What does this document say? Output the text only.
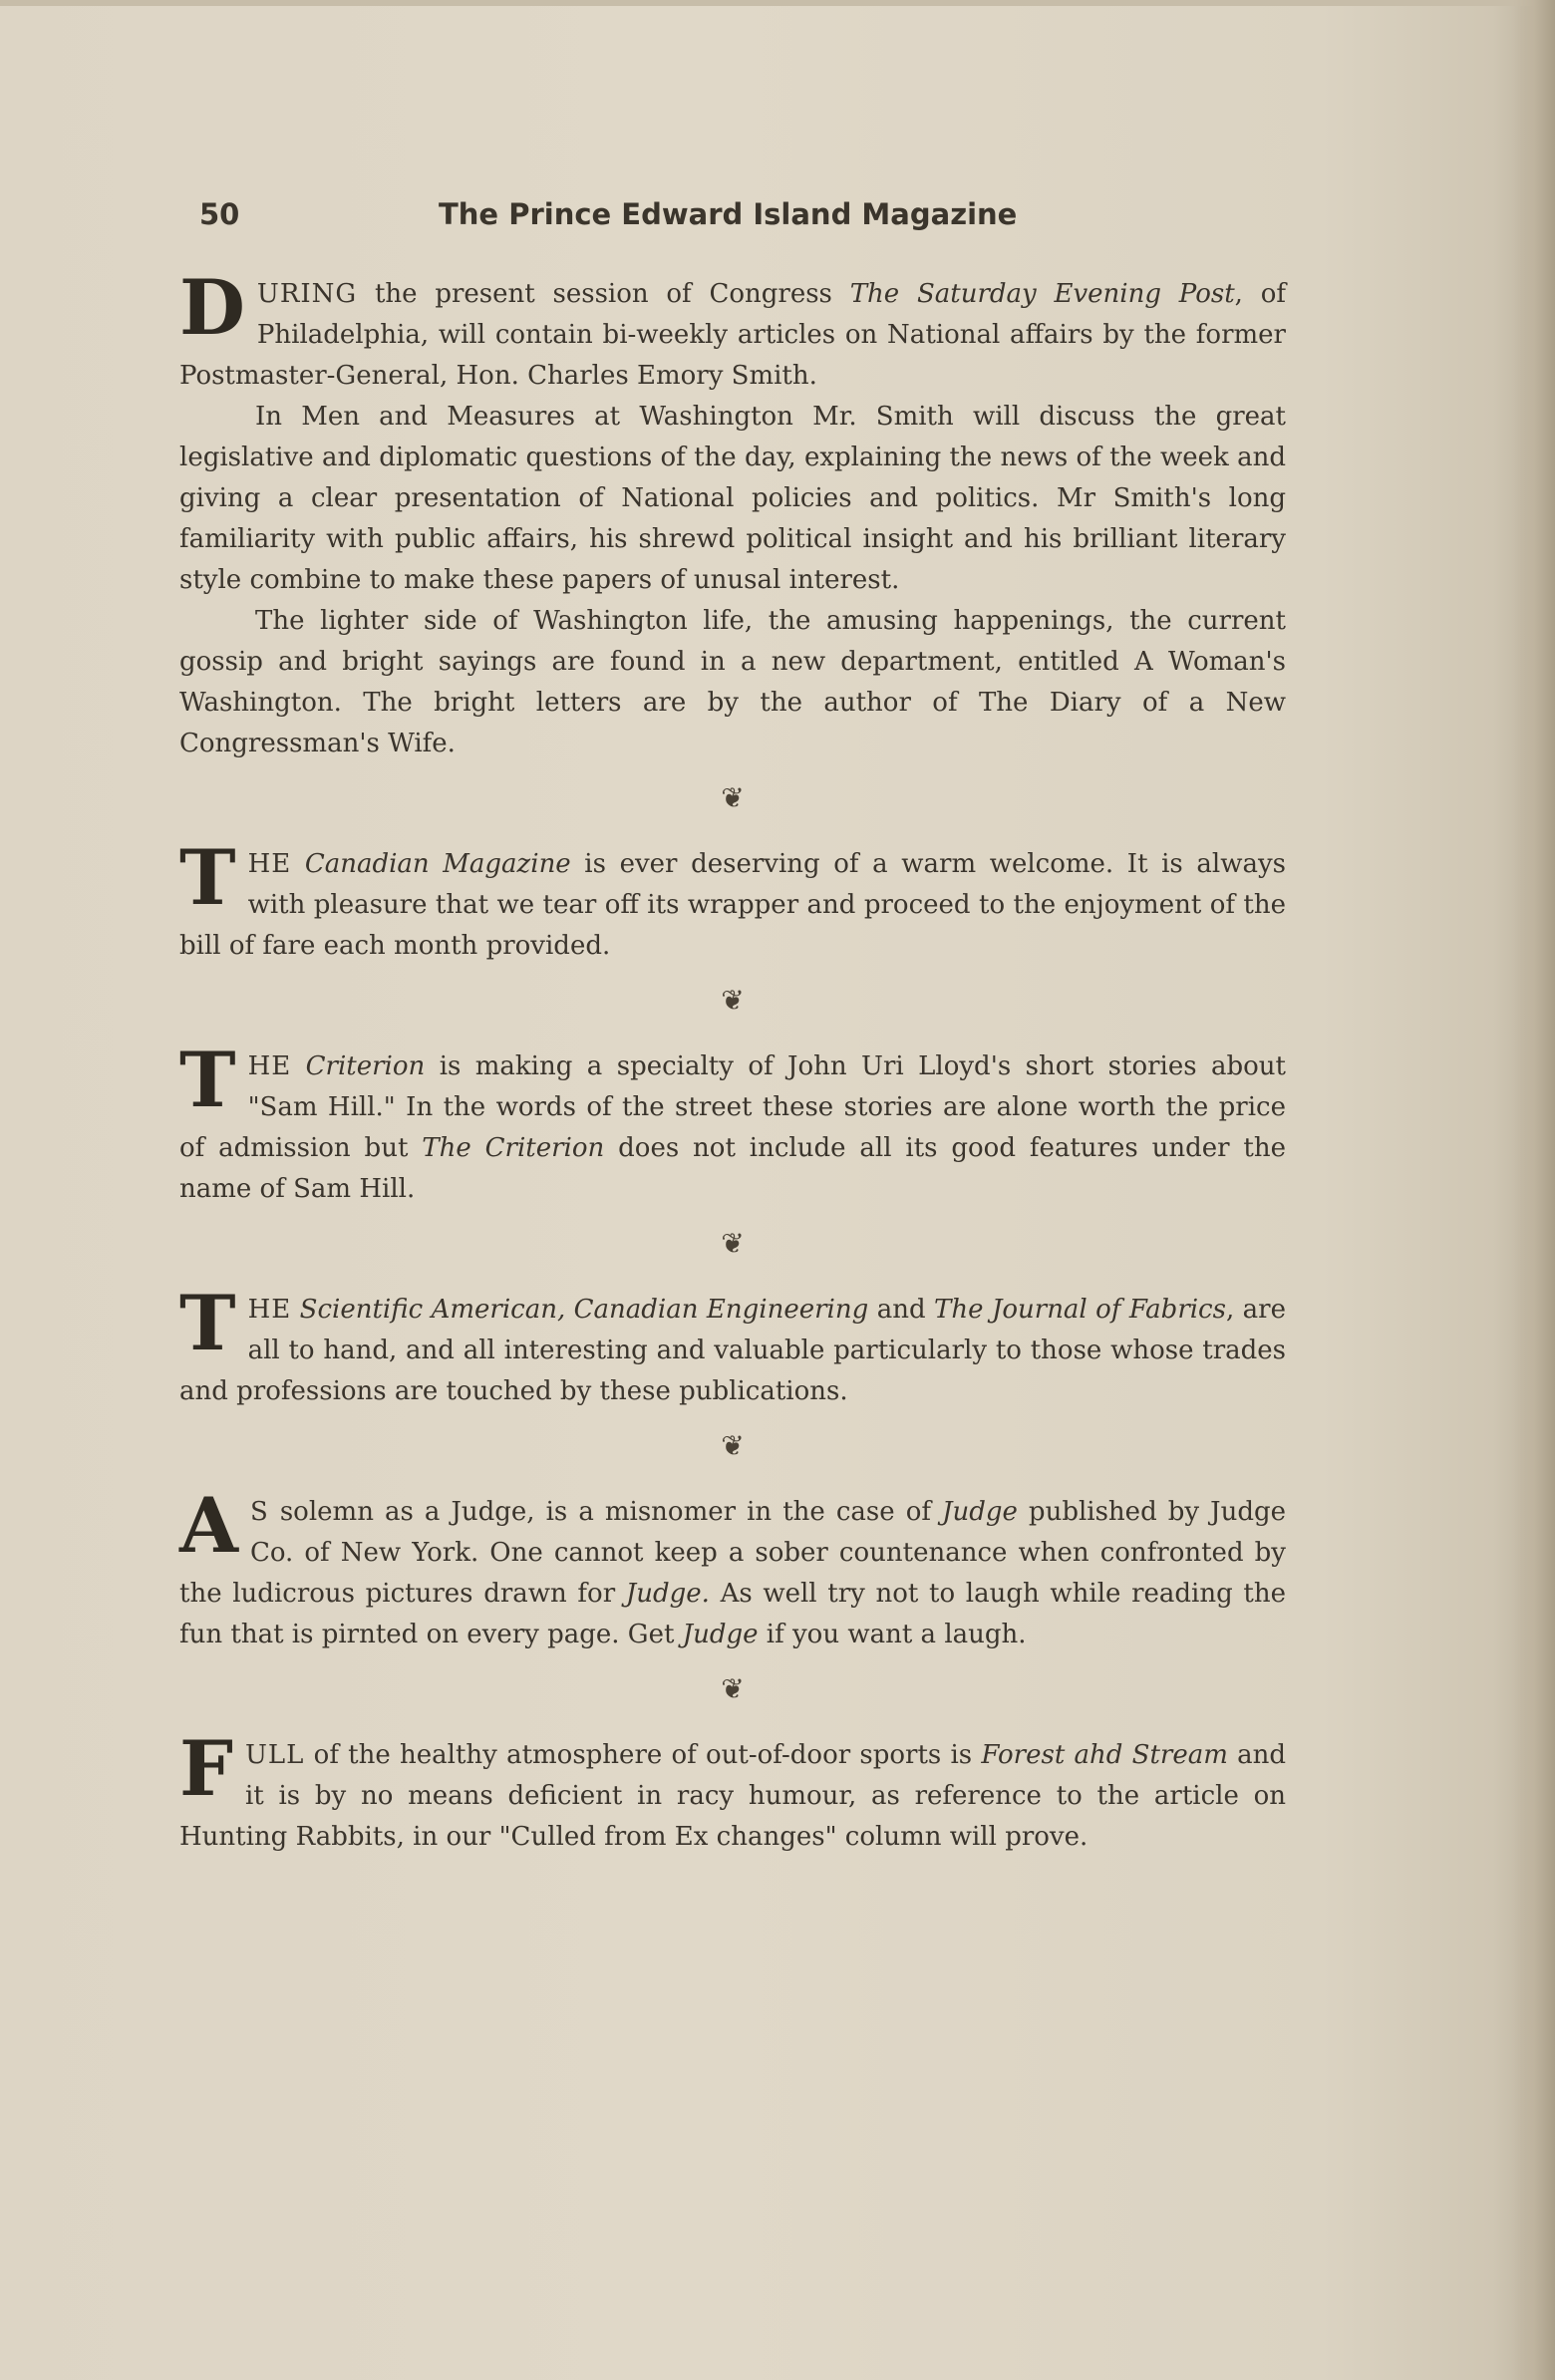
50	The Prince Edward Island Magazine

DURING the present session of Congress The Saturday Evening Post, of Philadelphia, will contain bi-weekly articles on National affairs by the former Postmaster-General, Hon. Charles Emory Smith.

In Men and Measures at Washington Mr. Smith will discuss the great legislative and diplomatic questions of the day, explaining the news of the week and giving a clear presentation of National policies and politics. Mr Smith's long familiarity with public affairs, his shrewd political insight and his brilliant literary style combine to make these papers of unusal interest.

The lighter side of Washington life, the amusing happenings, the current gossip and bright sayings are found in a new department, entitled A Woman's Washington. The bright letters are by the author of The Diary of a New Congressman's Wife.

❦

THE Canadian Magazine is ever deserving of a warm welcome. It is always with pleasure that we tear off its wrapper and proceed to the enjoyment of the bill of fare each month provided.

❦

THE Criterion is making a specialty of John Uri Lloyd's short stories about "Sam Hill." In the words of the street these stories are alone worth the price of admission but The Criterion does not include all its good features under the name of Sam Hill.

❦

THE Scientific American, Canadian Engineering and The Journal of Fabrics, are all to hand, and all interesting and valuable particularly to those whose trades and professions are touched by these publications.

❦

A S solemn as a Judge, is a misnomer in the case of Judge published by Judge Co. of New York. One cannot keep a sober countenance when confronted by the ludicrous pictures drawn for Judge. As well try not to laugh while reading the fun that is pirnted on every page. Get Judge if you want a laugh.

❦

FULL of the healthy atmosphere of out-of-door sports is Forest ahd Stream and it is by no means deficient in racy humour, as reference to the article on Hunting Rabbits, in our "Culled from Ex changes" column will prove.
